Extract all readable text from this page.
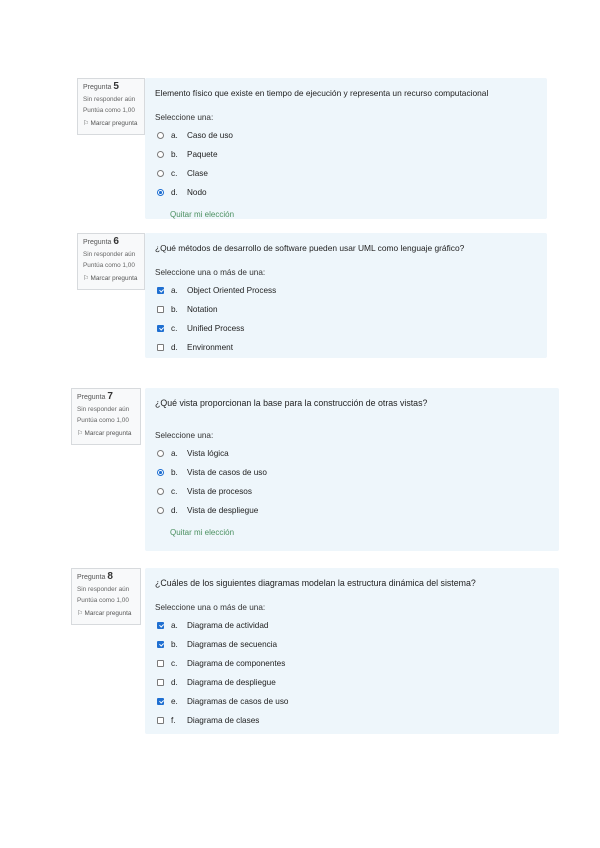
Pregunta 5
Sin responder aún
Puntúa como 1,00
⚐ Marcar pregunta
Elemento físico que existe en tiempo de ejecución y representa un recurso computacional
Seleccione una:
a.	Caso de uso
b.	Paquete
c.	Clase
d.	Nodo
Quitar mi elección
Pregunta 6
Sin responder aún
Puntúa como 1,00
⚐ Marcar pregunta
¿Qué métodos de desarrollo de software pueden usar UML como lenguaje gráfico?
Seleccione una o más de una:
a.	Object Oriented Process
b.	Notation
c.	Unified Process
d.	Environment
Pregunta 7
Sin responder aún
Puntúa como 1,00
⚐ Marcar pregunta
¿Qué vista proporcionan la base para la construcción de otras vistas?
Seleccione una:
a.	Vista lógica
b.	Vista de casos de uso
c.	Vista de procesos
d.	Vista de despliegue
Quitar mi elección
Pregunta 8
Sin responder aún
Puntúa como 1,00
⚐ Marcar pregunta
¿Cuáles de los siguientes diagramas modelan la estructura dinámica del sistema?
Seleccione una o más de una:
a.	Diagrama de actividad
b.	Diagramas de secuencia
c.	Diagrama de componentes
d.	Diagrama de despliegue
e.	Diagramas de casos de uso
f.	Diagrama de clases
